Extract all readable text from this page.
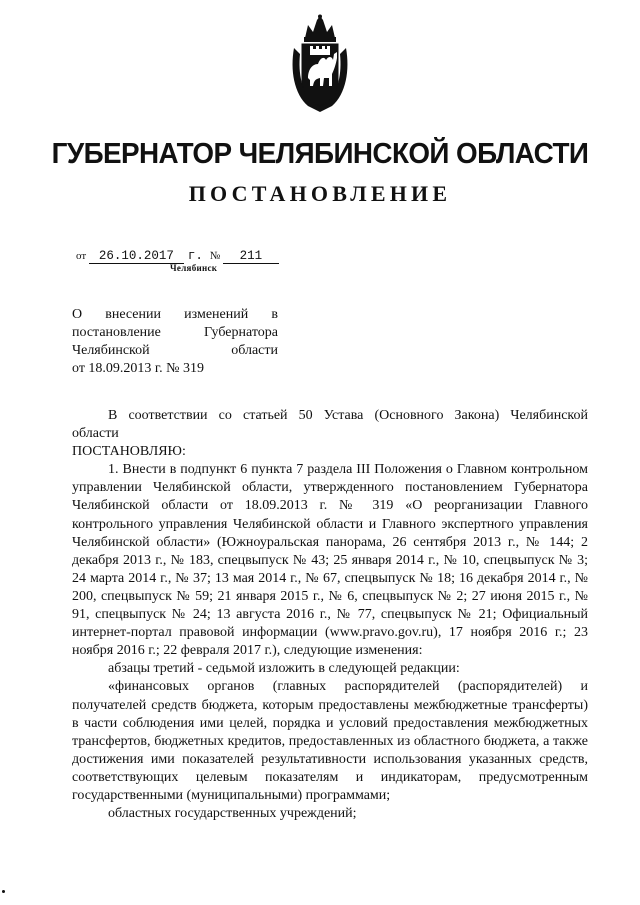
ГУБЕРНАТОР ЧЕЛЯБИНСКОЙ ОБЛАСТИ
ПОСТАНОВЛЕНИЕ
от 26.10.2017 г. № 211
Челябинск
О внесении изменений в
постановление Губернатора
Челябинской области
от 18.09.2013 г. № 319

В соответствии со статьей 50 Устава (Основного Закона) Челябинской

области

ПОСТАНОВЛЯЮ:

1. Внести в подпункт 6 пункта 7 раздела III Положения о Главном контрольном управлении Челябинской области, утвержденного постановлением Губернатора Челябинской области от 18.09.2013 г. № 319 «О реорганизации Главного контрольного управления Челябинской области и Главного экспертного управления Челябинской области» (Южноуральская панорама, 26 сентября 2013 г., № 144; 2 декабря 2013 г., № 183, спецвыпуск № 43; 25 января 2014 г., № 10, спецвыпуск № 3; 24 марта 2014 г., № 37; 13 мая 2014 г., № 67, спецвыпуск № 18; 16 декабря 2014 г., № 200, спецвыпуск № 59; 21 января 2015 г., № 6, спецвыпуск № 2; 27 июня 2015 г., № 91, спецвыпуск № 24; 13 августа 2016 г., № 77, спецвыпуск № 21; Официальный интернет-портал правовой информации (www.pravo.gov.ru), 17 ноября 2016 г.; 23 ноября 2016 г.; 22 февраля 2017 г.), следующие изменения:

абзацы третий - седьмой изложить в следующей редакции:

«финансовых органов (главных распорядителей (распорядителей) и получателей средств бюджета, которым предоставлены межбюджетные трансферты) в части соблюдения ими целей, порядка и условий предоставления межбюджетных трансфертов, бюджетных кредитов, предоставленных из областного бюджета, а также достижения ими показателей результативности использования указанных средств, соответствующих целевым показателям и индикаторам, предусмотренным государственными (муниципальными) программами;

областных государственных учреждений;
